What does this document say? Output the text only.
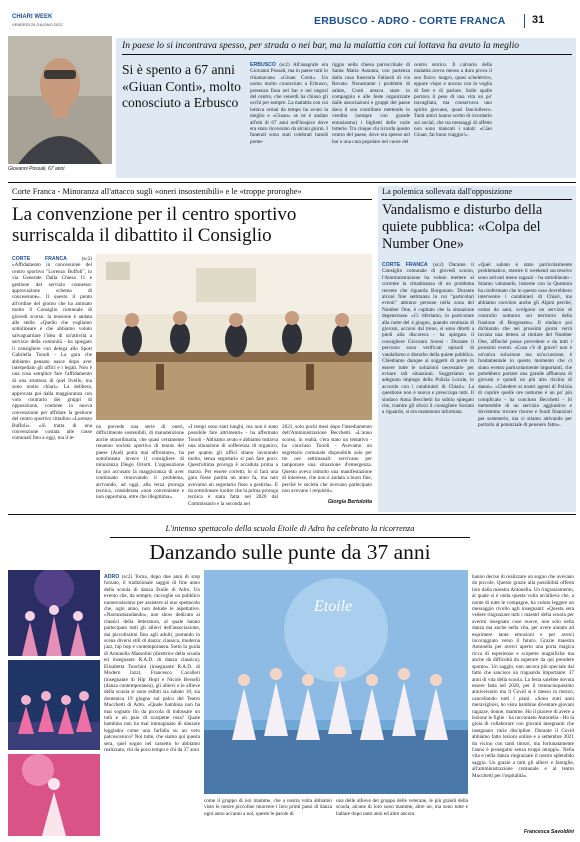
CHIARI WEEK
VENERDÌ 24 GIUGNO 2022	ERBUSCO - ADRO - CORTE FRANCA 31
In paese lo si incontrava spesso, per strada o nei bar, ma la malattia con cui lottava ha avuto la meglio
Giovanni Possali, 67 anni
Si è spento a 67 anni «Giuan Conti», molto conosciuto a Erbusco
ERBUSCO (sc2) All'anagrafe era Giovanni Possali, ma in paese tutti lo chiamavano «Giuan Conti». Un uomo molto conosciuto a Erbusco, presenza fissa nei bar e nei negozi del centro, che venerdì ha chiuso gli occhi per sempre. La malattia con cui lottava ormai da tempo ha avuto la meglio e «Giuan» se ne è andato all'età di 67 anni nell'hospice dove era stato ricoverato da alcuni giorni. I funerali sono stati celebrati lunedì pome-
riggio nella chiesa parrocchiale di Santa Maria Assunta, con partenza dalla casa funeraria Faliardi di via Rovato. Nonostante i problemi di salute, Conti amava stare in compagnia e alle feste organizzate dalle associazioni e gruppi del paese dava il suo contributo mettendo in vendita (sempre con grande entusiasmo) i biglietti delle varie lotterie. Tra cinque chi ricorda questo centro del paese, dove era spesso nel bar a una cara popolare nel cuore del
centro storico. Il calvario della malattia aveva messo a dura prova il suo fisico: magro, quasi scheletrico, eppure vispo e ancora con la voglia di fare e di parlare. Sulle spalle portava il peso di una vita un po' travagliata, ma conservava uno spirito giovane, quasi fanciullesco. Tanti amici hanno scelto di ricordarlo sui social, che tra messaggi di affetto non sono mancati i saluti: «Ciao Giuan, fai buon viaggio!».
Corte Franca - Minoranza all'attacco sugli «oneri insostenibili» e le «troppe proroghe»
La convenzione per il centro sportivo surriscalda il dibattito il Consiglio
CORTE FRANCA	(sc2) «Affidamento in concessione del centro sportivo "Lorenzo Buffoli", in via Generale Dalla Chiesa 11 e gestione del servizio connesso: approvazione schema di concessione». Il questo il punto all'ordine del giorno che ha animato molto il Consiglio comunale di giovedì scorso: la tensione è andata alle stelle. «Quello che vogliamo sottolineare è che abbiamo voluto salvaguardare l'idea di un'attività a servizio della comunità - ha spiegato il consigliere con delega allo Sport Gabriella Tonoli - La gara che abbiamo pensato nasce dopo aver interpellato gli uffici e i legali. Non è una cosa semplice fare l'affidamento di una struttura di quel livello, ma sono molto chiari». La delibera, approvata poi dalla maggioranza con voto contrario dei gruppi di opposizione, contiene la nuova convenzione per affidare la gestione del centro sportivo cittadino «Lorenzo Buffoli». «Si tratta di una convenzione costata alle casse comunali fino a oggi, ma il te-
no prevede una serie di oneri, difficilmente sostenibili, di manutenzione anche straordinaria, che quasi certamente renanno società sportiva di tennis del paese (Aud) potrà mai affrontare», ha sottolineato invece il consigliere di minoranza Diego Orlotti. L'opposizione ha poi accusato la maggioranza di aver continuato rinnovando il problema, arrivando, ad oggi, alla terza proroga tecnica, considerata «non conveniente e non opportuna, oltre che illegittima».
«I tempi sono stati lunghi, ma non è stato possibile fare altrimenti» - ha affermato Tonoli - Abbiamo avuto e abbiamo tuttavia una situazione di sofferenza di organico, per quanto gli uffici stiano lavorando molto, senza segretario si può fare poco. Quest'ultima proroga è accaduta prima a marzo. Per essere corretti, lo si farà una gara fosse partita un anno fa, ma non avevamo un segretario fisso a gestirla». E da sottolineare inoltre che la prima proroga tecnica è stata fatta nel 2020 dal Commissario e la seconda nel
2021, solo pochi mesi dopo l'insediamento dell'Amministrazione Becchetti. «L'anno scorso, in realtà, c'era stato un tentativo - ha concluso Tonoli - Avevamo un segretario comunale disponibile solo per tre ore settimanali: servivano per tamponare una situazione d'emergenza. Questo aveva istituito una manifestazione di interesse, che non è andata a buon fine, perché le società che avevano partecipato non avevano i requisiti».
Giorgia Bertolotta
La polemica sollevata dall'opposizione
Vandalismo e disturbo della quiete pubblica: «Colpa del Number One»
CORTE FRANCA (sc2) Durante il Consiglio comunale di giovedì scorso, l'Amministrazione ha voluto mettere al corrente la cittadinanza di un problema recente che riguarda Borgonato. Durante alcuni fine settimana in cui "particolari eventi" attirano persone nella zona del Number One, è capitato che la situazione degenerasse. «Ci riferiamo, in particolare alla notte del 4 giugno, quando centinaia di giovani, accorsi dal treno, si sono diretti a piedi alla discoteca - ha spiegato il consigliere Giovanni Soresi - Durante il percorso sono verificati episodi di vandalismo e disturbo della quiete pubblica. Chiediamo dunque ai soggetti di porre in essere tutte le soluzioni necessarie per evitare tali situazioni. Suggeriamo un adeguato impiego della Polizia Locale, in accordo con i carabinieri di Chiari». La questione non è nuova e preoccupa tutti. Il sindaco Anna Becchetti ha subito spiegato che, tramite gli sforzi il consigliere Soriani a riguardo, si era mantenuto informata.
«Quel sabato è stato particolarmente problematico, mentre il weekend successivo sono arrivati meno ragazzi - ha sottolineato - Stiamo valutando, insieme con la Questura ha confermato che in questo caso dovrebbero intervenire i carabinieri di Chiari, ma abbiamo convinto anche gli Alpini perché, ormai da anni, svolgono un servizio di controllo notturno sul territorio della frazione di Borgonato». Il sindaco poi dichiarato che nei prossimi giorni verrà inviata una lettera al titolare del Number One, affinché possa prevedere e da tutti i prossimi eventi. «Cosa c'è di grave? non è un'unica soluzione ma un'occasione, è fondamentale in questo momento che ci siano evento particolarmente importanti, che potrebbero portare una grande affluenza di giovani e quindi un più alto rischio di danni». «Chiedere ai nostri agenti di Polizia di coprire quelle ore notturne è un po' più complicato - ha concluso Becchetti - Si metterebbe di un servizio aggiuntivo e dovremmo trovare risorse e fondi finanziari per sostenerlo, ma ci stiamo attivando per portarlo al potenziale di pensiero fatto».
L'intenso spettacolo della scuola Etoile di Adro ha celebrato la ricorrenza
Danzando sulle punte da 37 anni
ADRO (sc2) Torna, dopo due anni di stop forzato, il tradizionale saggio di fine anno della scuola di danza Etoile di Adro. Un evento che, da sempre, raccoglie un pubblico numerosissimo per assistere al uno spettacolo che, ogni anno, non delude le aspettative. «Narrandoandando», uno show dedicato ai classici della letteratura, al quale hanno partecipato tutti gli allievi dell'associazione, dai piccolissimi fino agli adulti, portando in scena diversi stili di danza: classica, moderna jazz, hip hop e contemporanea. Sotto la guida di Antonella Massolini (direttrice della scuola ed insegnante R.A.D. di danza classica), Elisabetta Tonchini (insegnante R.A.D. di Modern Jazz), Francesco Cavalleri (insegnante di Hip Hop) e Nicole Berselli (danza contemporanea), gli allievi e le allieve della scuola si sono esibiti sia sabato 18, sia domenica 19 giugno sul palco del Teatro Mucchetti di Adro. «Quale bambina non ha mai sognato fin da piccola di indossare un tutù e un paio di scarpette rosa? Quale bambina non ha mai immaginato di danzare leggiadra come una farfalla su un vero palcoscenico? Noi tutte, che siamo qui questa sera, quel sogno nel cassetto lo abbiamo realizzato, chi da poco tempo e chi da 37 anni
Etoile
come il gruppo di noi mamme, che a nostra volta abbiamo visto le nostre piccoline muovere i loro primi passi di danza ogni anno accanto a noi, queste le parole di
una delle allieve del gruppo delle veterane, le più grandi della scuola, alcune di loro sono mamme, altre no, ma sono tutte e ballare dopo tanti anni ed altre ancora
hanno deciso di realizzare un sogno che avevano da piccole. Questo grazie alla possibilità offerta loro dalla maestra Antonella. Un ringraziamento, al quale si è unita questa volta un'allieva che, a nome di tutte le compagne, ha voluto leggere un messaggio rivolto agli insegnanti: «Questa sera vedere ringraziare tutti i maestri della scuola per avermi insegnato cose nuove, non solo nella danza ma anche nella vita, per avere aiutato ad esprimere tante emozioni e per averci incoraggiato verso il futuro. Grazie maestra Antonella per averci aperto una porta magica ricca di esperienze e scoperte magnifiche ma anche dà difficoltà da superare da qui prendere spunto». Un saggio, non ancora più speciale dal fatto che sancisce un traguardo importante: 37 anni di vita della scuola. La festa sarebbe dovuta essere fatta nel 2020, per il trentacinquesimo anniversario ma il Covid si è messo in mezzo, cancellando tutti i piani. «Sono stati anni meravigliosi, ho visto bambine diventare giovani ragazze, donne, mamme. Ho il piacere di avere a lezione le figlie - ha raccontato Antonella - Ho la gioia di collaborare con giovani insegnanti che insegnano varie discipline. Durante il Covid abbiamo fatto lezioni online e a settembre 2021 da vicino con tanti timori, ma fortunatamente l'anno è proseguito senza troppi intoppi». Nella vita e nella danza ringraziare il nostro splendido saggio. Un grazie a tutti gli allievi e famiglie, all'amministrazione comunale e al teatro Mucchetti per l'ospitalità».
Francesca Savoldini
